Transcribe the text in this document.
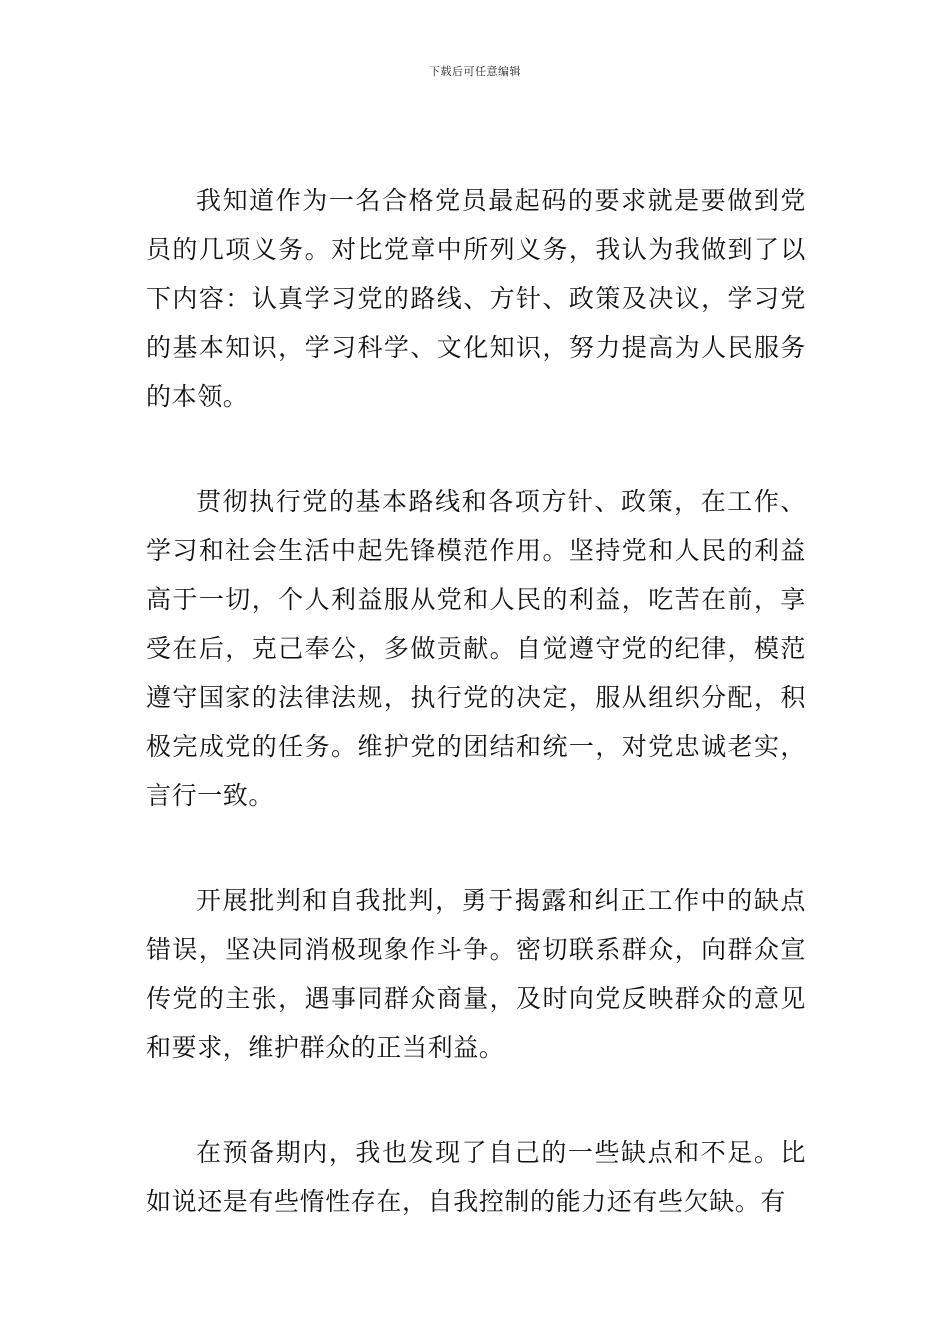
下载后可任意编辑

我知道作为一名合格党员最起码的要求就是要做到党员的几项义务。对比党章中所列义务，我认为我做到了以下内容：认真学习党的路线、方针、政策及决议，学习党的基本知识，学习科学、文化知识，努力提高为人民服务的本领。

贯彻执行党的基本路线和各项方针、政策，在工作、学习和社会生活中起先锋模范作用。坚持党和人民的利益高于一切，个人利益服从党和人民的利益，吃苦在前，享受在后，克己奉公，多做贡献。自觉遵守党的纪律，模范遵守国家的法律法规，执行党的决定，服从组织分配，积极完成党的任务。维护党的团结和统一，对党忠诚老实，言行一致。

开展批判和自我批判，勇于揭露和纠正工作中的缺点错误，坚决同消极现象作斗争。密切联系群众，向群众宣传党的主张，遇事同群众商量，及时向党反映群众的意见和要求，维护群众的正当利益。

在预备期内，我也发现了自己的一些缺点和不足。比如说还是有些惰性存在，自我控制的能力还有些欠缺。有
